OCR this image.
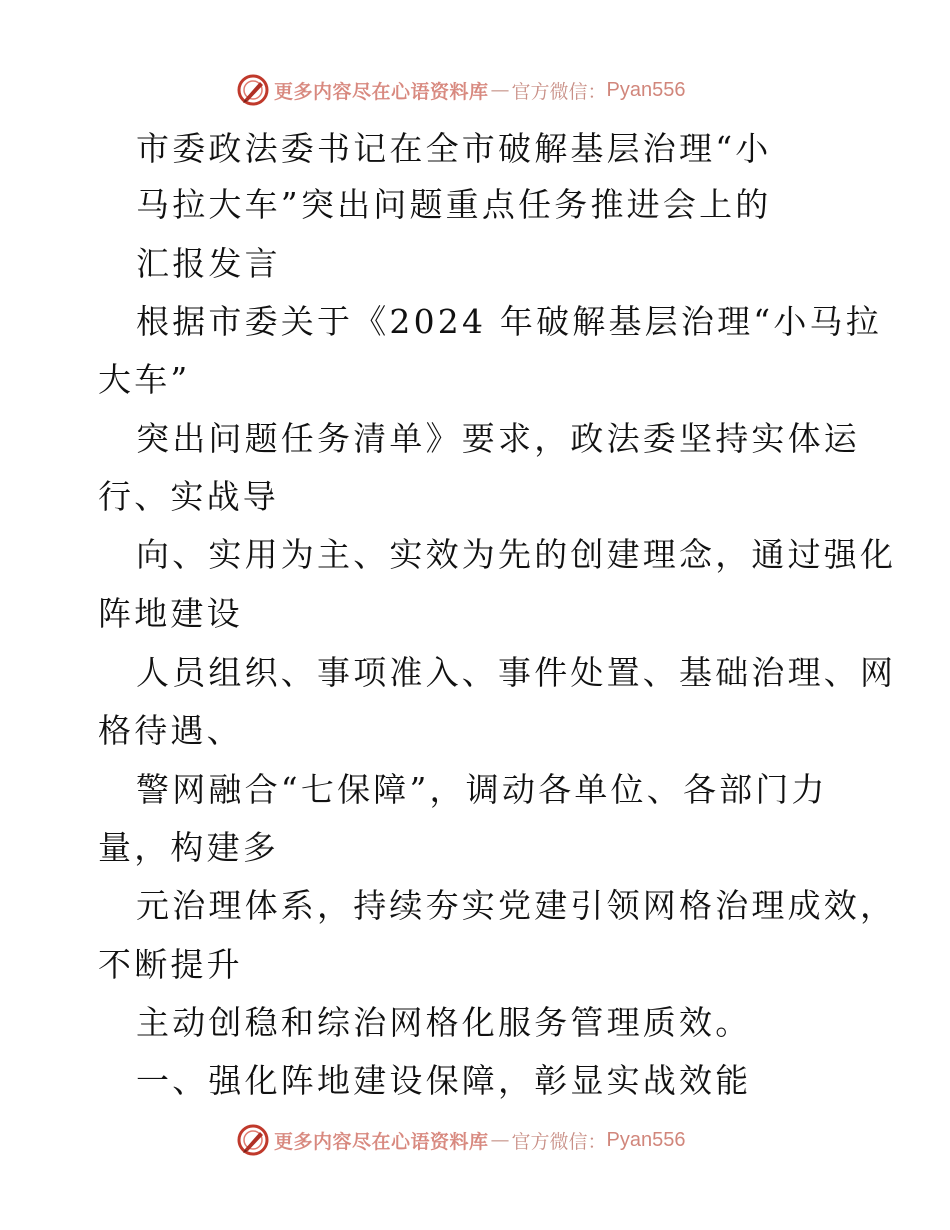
更多内容尽在心语资料库 — 官方微信： Pyan556
市委政法委书记在全市破解基层治理“小
马拉大车”突出问题重点任务推进会上的
汇报发言
根据市委关于《2024 年破解基层治理“小马拉
大车”
突出问题任务清单》要求，政法委坚持实体运
行、实战导
向、实用为主、实效为先的创建理念，通过强化
阵地建设
人员组织、事项准入、事件处置、基础治理、网
格待遇、
警网融合“七保障”，调动各单位、各部门力
量，构建多
元治理体系，持续夯实党建引领网格治理成效，
不断提升
主动创稳和综治网格化服务管理质效。
一、强化阵地建设保障，彰显实战效能
更多内容尽在心语资料库 — 官方微信： Pyan556
